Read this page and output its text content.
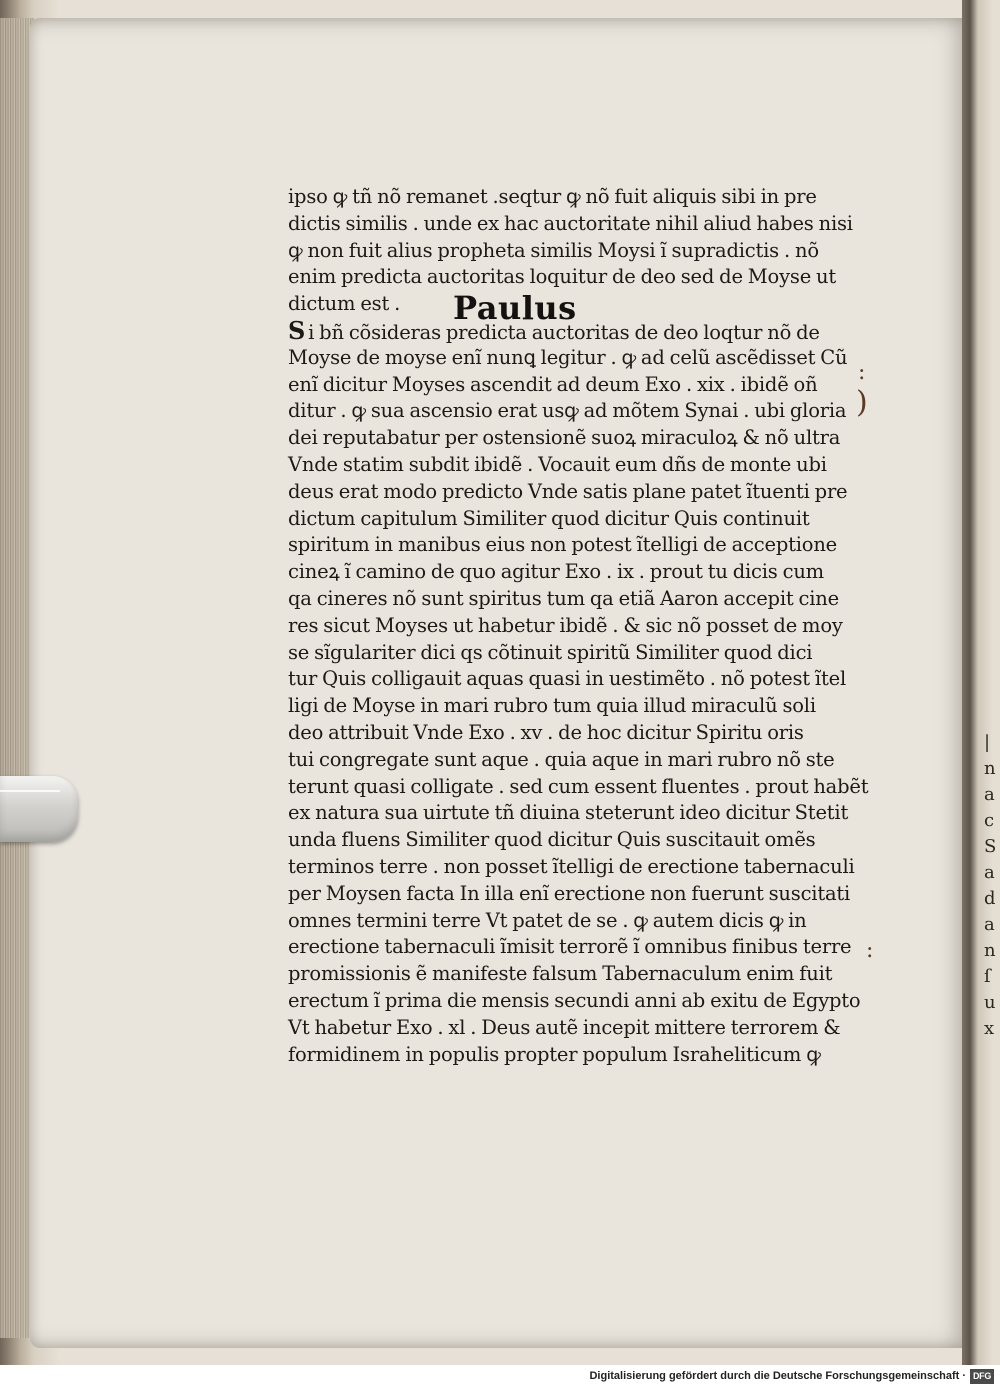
| n a c S a d a n ſ u x
ipso ꝙ tñ nõ remanet .seqtur ꝙ nõ fuit aliquis sibi in pre
dictis similis . unde ex hac auctoritate nihil aliud habes nisi
ꝙ non fuit alius propheta similis Moysi ĩ supradictis . nõ
enim predicta auctoritas loquitur de deo sed de Moyse ut
dictum est . Paulus
S i bñ cõsideras predicta auctoritas de deo loqtur nõ de
Moyse de moyse enĩ nunꝗ legitur . ꝙ ad celũ ascẽdisset Cũ
enĩ dicitur Moyses ascendit ad deum Exo . xix . ibidẽ oñ
ditur . ꝙ sua ascensio erat usꝙ ad mõtem Synai . ubi gloria
dei reputabatur per ostensionẽ suoꝝ miraculoꝝ & nõ ultra
Vnde statim subdit ibidẽ . Vocauit eum dñs de monte ubi
deus erat modo predicto Vnde satis plane patet ĩtuenti pre
dictum capitulum Similiter quod dicitur Quis continuit
spiritum in manibus eius non potest ĩtelligi de acceptione
cineꝝ ĩ camino de quo agitur Exo . ix . prout tu dicis cum
qa cineres nõ sunt spiritus tum qa etiã Aaron accepit cine
res sicut Moyses ut habetur ibidẽ . & sic nõ posset de moy
se sĩgulariter dici qs cõtinuit spiritũ Similiter quod dici
tur Quis colligauit aquas quasi in uestimẽto . nõ potest ĩtel
ligi de Moyse in mari rubro tum quia illud miraculũ soli
deo attribuit Vnde Exo . xv . de hoc dicitur Spiritu oris
tui congregate sunt aque . quia aque in mari rubro nõ ste
terunt quasi colligate . sed cum essent fluentes . prout habẽt
ex natura sua uirtute tñ diuina steterunt ideo dicitur Stetit
unda fluens Similiter quod dicitur Quis suscitauit omẽs
terminos terre . non posset ĩtelligi de erectione tabernaculi
per Moysen facta In illa enĩ erectione non fuerunt suscitati
omnes termini terre Vt patet de se . ꝙ autem dicis ꝙ in
erectione tabernaculi ĩmisit terrorẽ ĩ omnibus finibus terre
promissionis ẽ manifeste falsum Tabernaculum enim fuit
erectum ĩ prima die mensis secundi anni ab exitu de Egypto
Vt habetur Exo . xl . Deus autẽ incepit mittere terrorem &
formidinem in populis propter populum Israheliticum ꝙ
:
)
:
Digitalisierung gefördert durch die Deutsche Forschungsgemeinschaft · DFG
